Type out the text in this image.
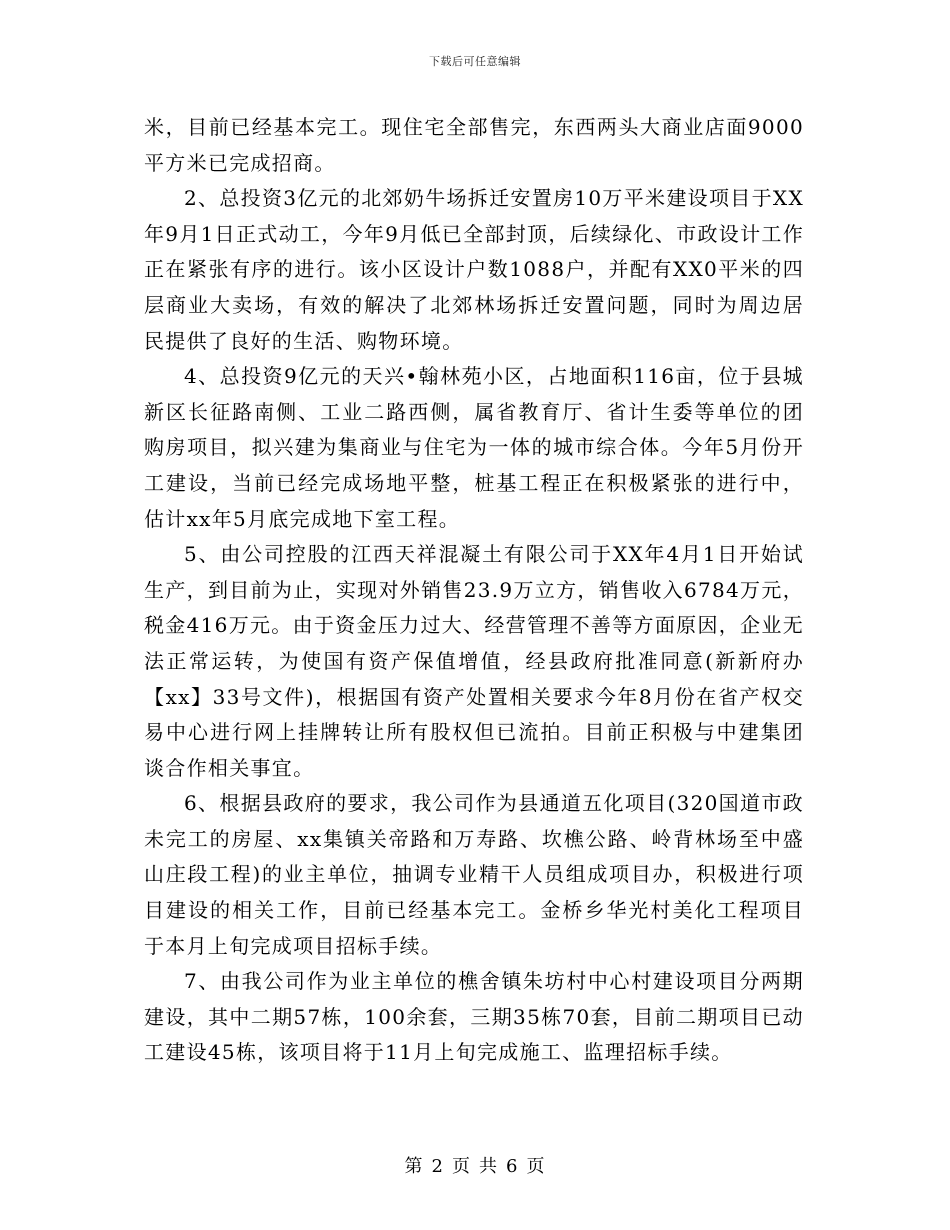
下载后可任意编辑

米，目前已经基本完工。现住宅全部售完，东西两头大商业店面9000平方米已完成招商。

2、总投资3亿元的北郊奶牛场拆迁安置房10万平米建设项目于XX年9月1日正式动工，今年9月低已全部封顶，后续绿化、市政设计工作正在紧张有序的进行。该小区设计户数1088户，并配有XX0平米的四层商业大卖场，有效的解决了北郊林场拆迁安置问题，同时为周边居民提供了良好的生活、购物环境。

4、总投资9亿元的天兴•翰林苑小区，占地面积116亩，位于县城新区长征路南侧、工业二路西侧，属省教育厅、省计生委等单位的团购房项目，拟兴建为集商业与住宅为一体的城市综合体。今年5月份开工建设，当前已经完成场地平整，桩基工程正在积极紧张的进行中，估计xx年5月底完成地下室工程。

5、由公司控股的江西天祥混凝土有限公司于XX年4月1日开始试生产，到目前为止，实现对外销售23.9万立方，销售收入6784万元，税金416万元。由于资金压力过大、经营管理不善等方面原因，企业无法正常运转，为使国有资产保值增值，经县政府批准同意(新新府办【xx】33号文件)，根据国有资产处置相关要求今年8月份在省产权交易中心进行网上挂牌转让所有股权但已流拍。目前正积极与中建集团谈合作相关事宜。

6、根据县政府的要求，我公司作为县通道五化项目(320国道市政未完工的房屋、xx集镇关帝路和万寿路、坎樵公路、岭背林场至中盛山庄段工程)的业主单位，抽调专业精干人员组成项目办，积极进行项目建设的相关工作，目前已经基本完工。金桥乡华光村美化工程项目于本月上旬完成项目招标手续。

7、由我公司作为业主单位的樵舍镇朱坊村中心村建设项目分两期建设，其中二期57栋，100余套，三期35栋70套，目前二期项目已动工建设45栋，该项目将于11月上旬完成施工、监理招标手续。

第 2 页 共 6 页
